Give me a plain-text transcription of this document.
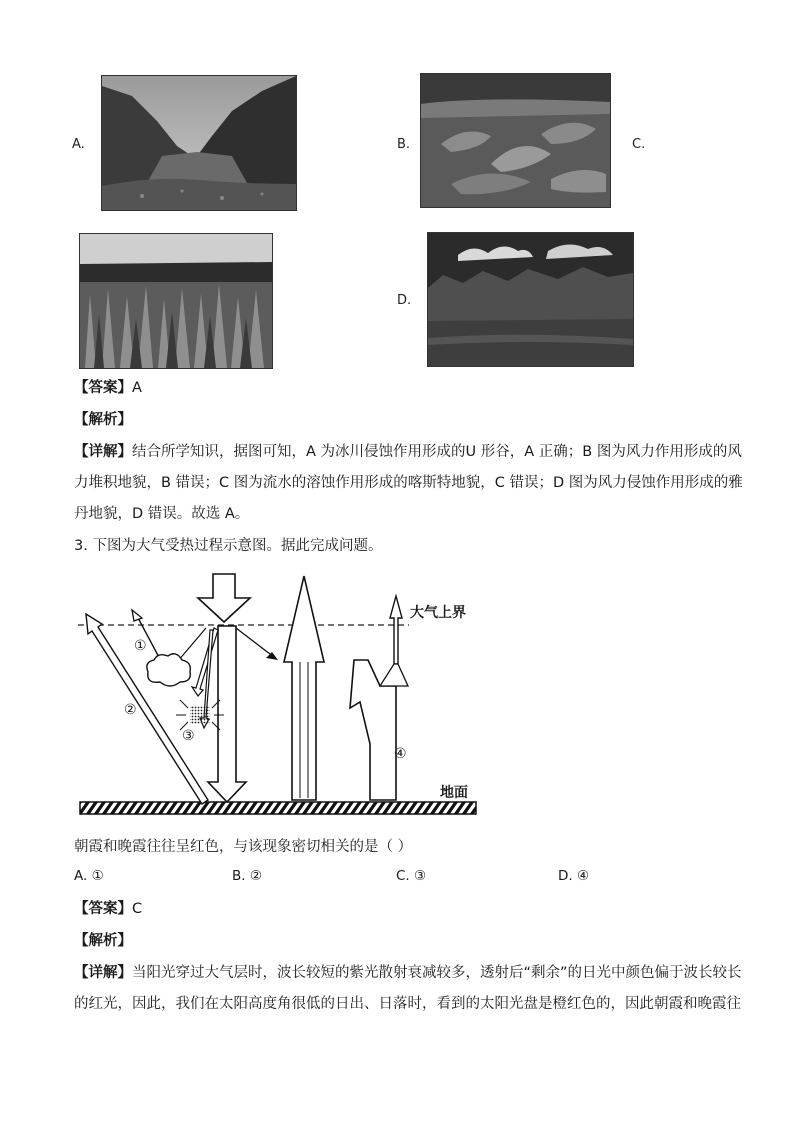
A.	B.	C.
D.
【答案】A
【解析】
【详解】结合所学知识，据图可知，A 为冰川侵蚀作用形成的U 形谷，A 正确；B 图为风力作用形成的风
力堆积地貌，B 错误；C 图为流水的溶蚀作用形成的喀斯特地貌，C 错误；D 图为风力侵蚀作用形成的雅
丹地貌，D 错误。故选 A。
3. 下图为大气受热过程示意图。据此完成问题。
①
②
③
④
大气上界
地面
朝霞和晚霞往往呈红色，与该现象密切相关的是（ ）
A. ①	B. ②	C. ③	D. ④
【答案】C
【解析】
【详解】当阳光穿过大气层时，波长较短的紫光散射衰减较多，透射后“剩余”的日光中颜色偏于波长较长
的红光，因此，我们在太阳高度角很低的日出、日落时，看到的太阳光盘是橙红色的，因此朝霞和晚霞往
